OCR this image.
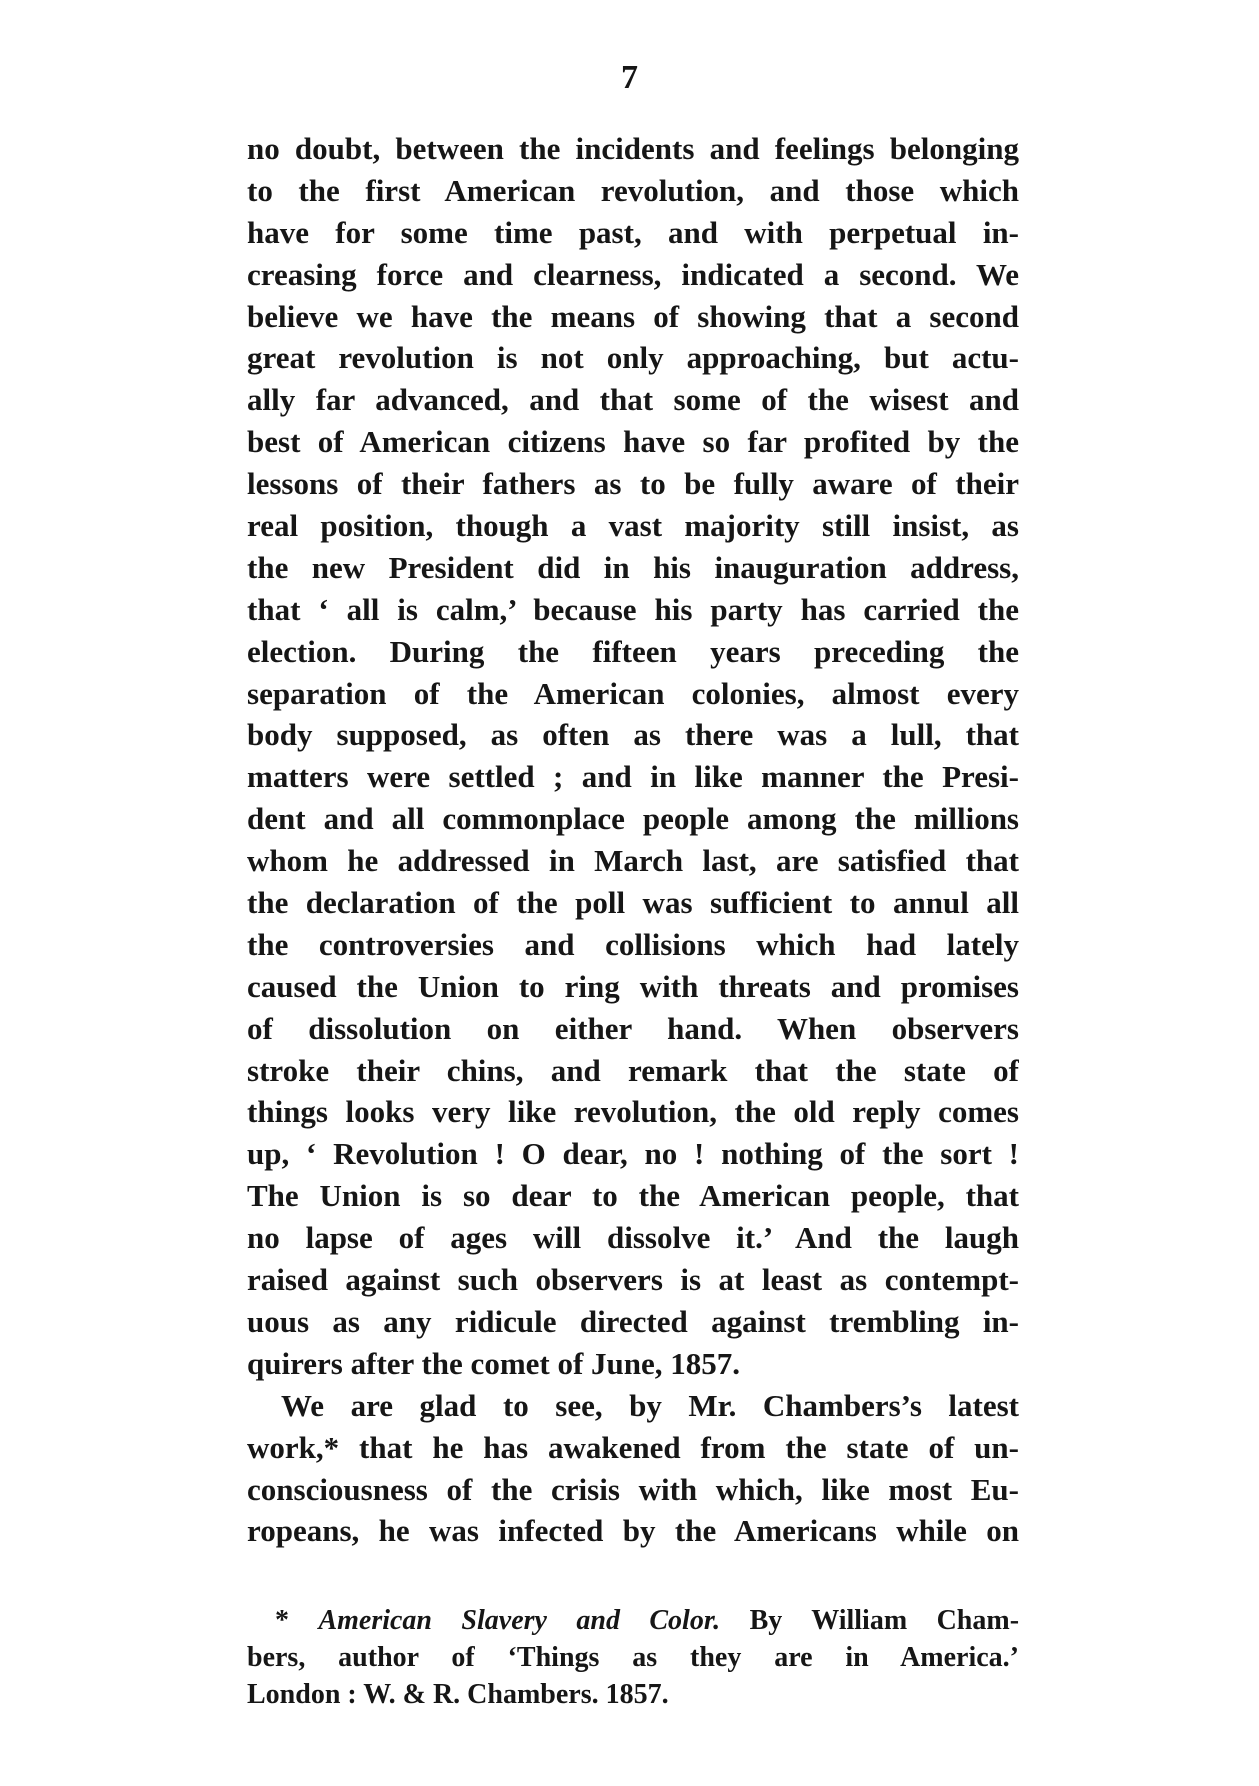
7
no doubt, between the incidents and feelings belonging
to the first American revolution, and those which
have for some time past, and with perpetual in-
creasing force and clearness, indicated a second. We
believe we have the means of showing that a second
great revolution is not only approaching, but actu-
ally far advanced, and that some of the wisest and
best of American citizens have so far profited by the
lessons of their fathers as to be fully aware of their
real position, though a vast majority still insist, as
the new President did in his inauguration address,
that ‘ all is calm,’ because his party has carried the
election. During the fifteen years preceding the
separation of the American colonies, almost every
body supposed, as often as there was a lull, that
matters were settled ; and in like manner the Presi-
dent and all commonplace people among the millions
whom he addressed in March last, are satisfied that
the declaration of the poll was sufficient to annul all
the controversies and collisions which had lately
caused the Union to ring with threats and promises
of dissolution on either hand. When observers
stroke their chins, and remark that the state of
things looks very like revolution, the old reply comes
up, ‘ Revolution ! O dear, no ! nothing of the sort !
The Union is so dear to the American people, that
no lapse of ages will dissolve it.’ And the laugh
raised against such observers is at least as contempt-
uous as any ridicule directed against trembling in-
quirers after the comet of June, 1857.
We are glad to see, by Mr. Chambers’s latest
work,* that he has awakened from the state of un-
consciousness of the crisis with which, like most Eu-
ropeans, he was infected by the Americans while on
* American Slavery and Color. By William Cham-
bers, author of ‘Things as they are in America.’
London : W. & R. Chambers. 1857.
